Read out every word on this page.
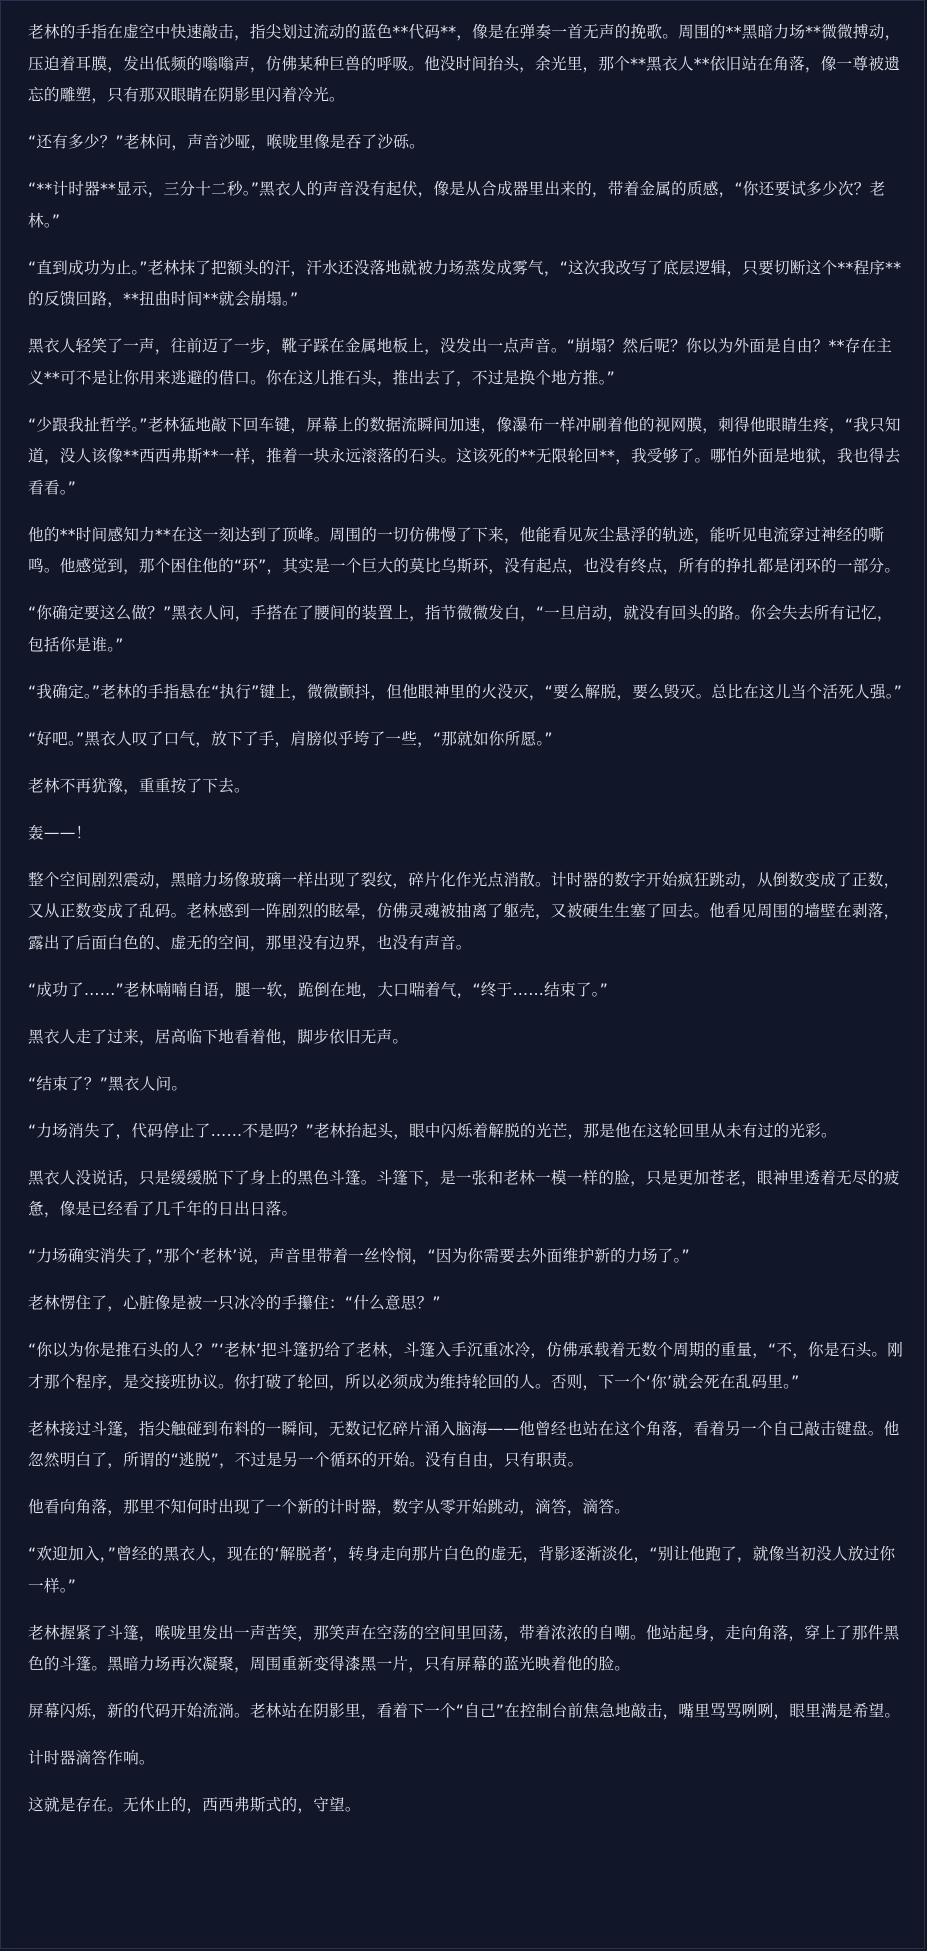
老林的手指在虚空中快速敲击，指尖划过流动的蓝色**代码**，像是在弹奏一首无声的挽歌。周围的**黑暗力场**微微搏动，压迫着耳膜，发出低频的嗡嗡声，仿佛某种巨兽的呼吸。他没时间抬头，余光里，那个**黑衣人**依旧站在角落，像一尊被遗忘的雕塑，只有那双眼睛在阴影里闪着冷光。

“还有多少？”老林问，声音沙哑，喉咙里像是吞了沙砾。

“**计时器**显示，三分十二秒。”黑衣人的声音没有起伏，像是从合成器里出来的，带着金属的质感，“你还要试多少次？老林。”

“直到成功为止。”老林抹了把额头的汗，汗水还没落地就被力场蒸发成雾气，“这次我改写了底层逻辑，只要切断这个**程序**的反馈回路，**扭曲时间**就会崩塌。”

黑衣人轻笑了一声，往前迈了一步，靴子踩在金属地板上，没发出一点声音。“崩塌？然后呢？你以为外面是自由？**存在主义**可不是让你用来逃避的借口。你在这儿推石头，推出去了，不过是换个地方推。”

“少跟我扯哲学。”老林猛地敲下回车键，屏幕上的数据流瞬间加速，像瀑布一样冲刷着他的视网膜，刺得他眼睛生疼，“我只知道，没人该像**西西弗斯**一样，推着一块永远滚落的石头。这该死的**无限轮回**，我受够了。哪怕外面是地狱，我也得去看看。”

他的**时间感知力**在这一刻达到了顶峰。周围的一切仿佛慢了下来，他能看见灰尘悬浮的轨迹，能听见电流穿过神经的嘶鸣。他感觉到，那个困住他的“环”，其实是一个巨大的莫比乌斯环，没有起点，也没有终点，所有的挣扎都是闭环的一部分。

“你确定要这么做？”黑衣人问，手搭在了腰间的装置上，指节微微发白，“一旦启动，就没有回头的路。你会失去所有记忆，包括你是谁。”

“我确定。”老林的手指悬在“执行”键上，微微颤抖，但他眼神里的火没灭，“要么解脱，要么毁灭。总比在这儿当个活死人强。”

“好吧。”黑衣人叹了口气，放下了手，肩膀似乎垮了一些，“那就如你所愿。”

老林不再犹豫，重重按了下去。

轰——！

整个空间剧烈震动，黑暗力场像玻璃一样出现了裂纹，碎片化作光点消散。计时器的数字开始疯狂跳动，从倒数变成了正数，又从正数变成了乱码。老林感到一阵剧烈的眩晕，仿佛灵魂被抽离了躯壳，又被硬生生塞了回去。他看见周围的墙壁在剥落，露出了后面白色的、虚无的空间，那里没有边界，也没有声音。

“成功了……”老林喃喃自语，腿一软，跪倒在地，大口喘着气，“终于……结束了。”

黑衣人走了过来，居高临下地看着他，脚步依旧无声。

“结束了？”黑衣人问。

“力场消失了，代码停止了……不是吗？”老林抬起头，眼中闪烁着解脱的光芒，那是他在这轮回里从未有过的光彩。

黑衣人没说话，只是缓缓脱下了身上的黑色斗篷。斗篷下，是一张和老林一模一样的脸，只是更加苍老，眼神里透着无尽的疲惫，像是已经看了几千年的日出日落。

“力场确实消失了，”那个‘老林’说，声音里带着一丝怜悯，“因为你需要去外面维护新的力场了。”

老林愣住了，心脏像是被一只冰冷的手攥住：“什么意思？”

“你以为你是推石头的人？”‘老林’把斗篷扔给了老林，斗篷入手沉重冰冷，仿佛承载着无数个周期的重量，“不，你是石头。刚才那个程序，是交接班协议。你打破了轮回，所以必须成为维持轮回的人。否则，下一个‘你’就会死在乱码里。”

老林接过斗篷，指尖触碰到布料的一瞬间，无数记忆碎片涌入脑海——他曾经也站在这个角落，看着另一个自己敲击键盘。他忽然明白了，所谓的“逃脱”，不过是另一个循环的开始。没有自由，只有职责。

他看向角落，那里不知何时出现了一个新的计时器，数字从零开始跳动，滴答，滴答。

“欢迎加入，”曾经的黑衣人，现在的‘解脱者’，转身走向那片白色的虚无，背影逐渐淡化，“别让他跑了，就像当初没人放过你一样。”

老林握紧了斗篷，喉咙里发出一声苦笑，那笑声在空荡的空间里回荡，带着浓浓的自嘲。他站起身，走向角落，穿上了那件黑色的斗篷。黑暗力场再次凝聚，周围重新变得漆黑一片，只有屏幕的蓝光映着他的脸。

屏幕闪烁，新的代码开始流淌。老林站在阴影里，看着下一个“自己”在控制台前焦急地敲击，嘴里骂骂咧咧，眼里满是希望。

计时器滴答作响。

这就是存在。无休止的，西西弗斯式的，守望。
